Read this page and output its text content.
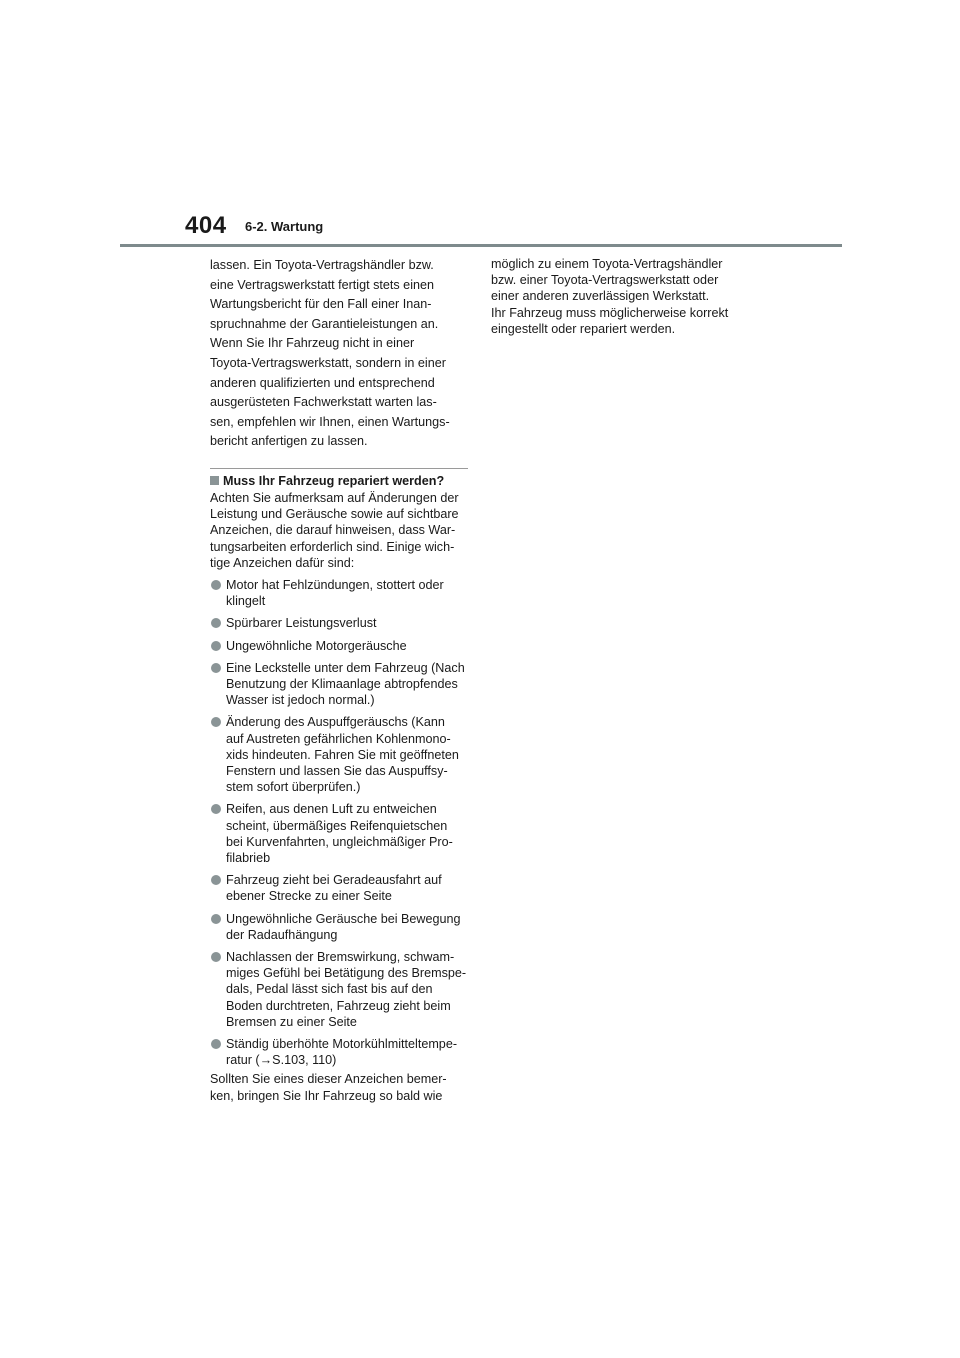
404 6-2. Wartung
lassen. Ein Toyota-Vertragshändler bzw.
eine Vertragswerkstatt fertigt stets einen
Wartungsbericht für den Fall einer Inan-
spruchnahme der Garantieleistungen an.
Wenn Sie Ihr Fahrzeug nicht in einer
Toyota-Vertragswerkstatt, sondern in einer
anderen qualifizierten und entsprechend
ausgerüsteten Fachwerkstatt warten las-
sen, empfehlen wir Ihnen, einen Wartungs-
bericht anfertigen zu lassen.
Muss Ihr Fahrzeug repariert werden?
Achten Sie aufmerksam auf Änderungen der
Leistung und Geräusche sowie auf sichtbare
Anzeichen, die darauf hinweisen, dass War-
tungsarbeiten erforderlich sind. Einige wich-
tige Anzeichen dafür sind:
Motor hat Fehlzündungen, stottert oder
klingelt
Spürbarer Leistungsverlust
Ungewöhnliche Motorgeräusche
Eine Leckstelle unter dem Fahrzeug (Nach
Benutzung der Klimaanlage abtropfendes
Wasser ist jedoch normal.)
Änderung des Auspuffgeräuschs (Kann
auf Austreten gefährlichen Kohlenmono-
xids hindeuten. Fahren Sie mit geöffneten
Fenstern und lassen Sie das Auspuffsy-
stem sofort überprüfen.)
Reifen, aus denen Luft zu entweichen
scheint, übermäßiges Reifenquietschen
bei Kurvenfahrten, ungleichmäßiger Pro-
filabrieb
Fahrzeug zieht bei Geradeausfahrt auf
ebener Strecke zu einer Seite
Ungewöhnliche Geräusche bei Bewegung
der Radaufhängung
Nachlassen der Bremswirkung, schwam-
miges Gefühl bei Betätigung des Bremspe-
dals, Pedal lässt sich fast bis auf den
Boden durchtreten, Fahrzeug zieht beim
Bremsen zu einer Seite
Ständig überhöhte Motorkühlmitteltempe-
ratur (→S.103, 110)
Sollten Sie eines dieser Anzeichen bemer-
ken, bringen Sie Ihr Fahrzeug so bald wie
möglich zu einem Toyota-Vertragshändler
bzw. einer Toyota-Vertragswerkstatt oder
einer anderen zuverlässigen Werkstatt.
Ihr Fahrzeug muss möglicherweise korrekt
eingestellt oder repariert werden.
